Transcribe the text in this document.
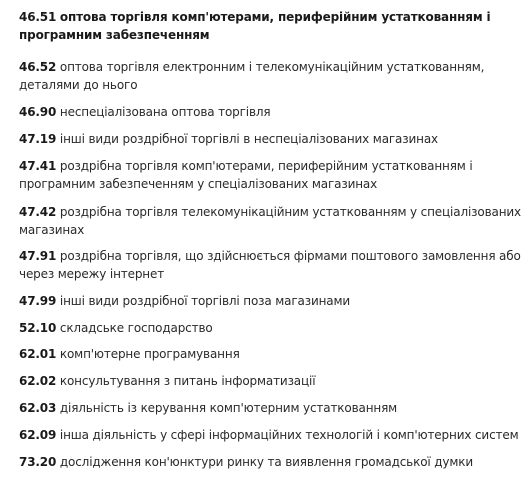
46.51 оптова торгівля комп'ютерами, периферійним устаткованням і програмним забезпеченням
46.52 оптова торгівля електронним і телекомунікаційним устаткованням, деталями до нього
46.90 неспеціалізована оптова торгівля
47.19 інші види роздрібної торгівлі в неспеціалізованих магазинах
47.41 роздрібна торгівля комп'ютерами, периферійним устаткованням і програмним забезпеченням у спеціалізованих магазинах
47.42 роздрібна торгівля телекомунікаційним устаткованням у спеціалізованих магазинах
47.91 роздрібна торгівля, що здійснюється фірмами поштового замовлення або через мережу інтернет
47.99 інші види роздрібної торгівлі поза магазинами
52.10 складське господарство
62.01 комп'ютерне програмування
62.02 консультування з питань інформатизації
62.03 діяльність із керування комп'ютерним устаткованням
62.09 інша діяльність у сфері інформаційних технологій і комп'ютерних систем
73.20 дослідження кон'юнктури ринку та виявлення громадської думки
